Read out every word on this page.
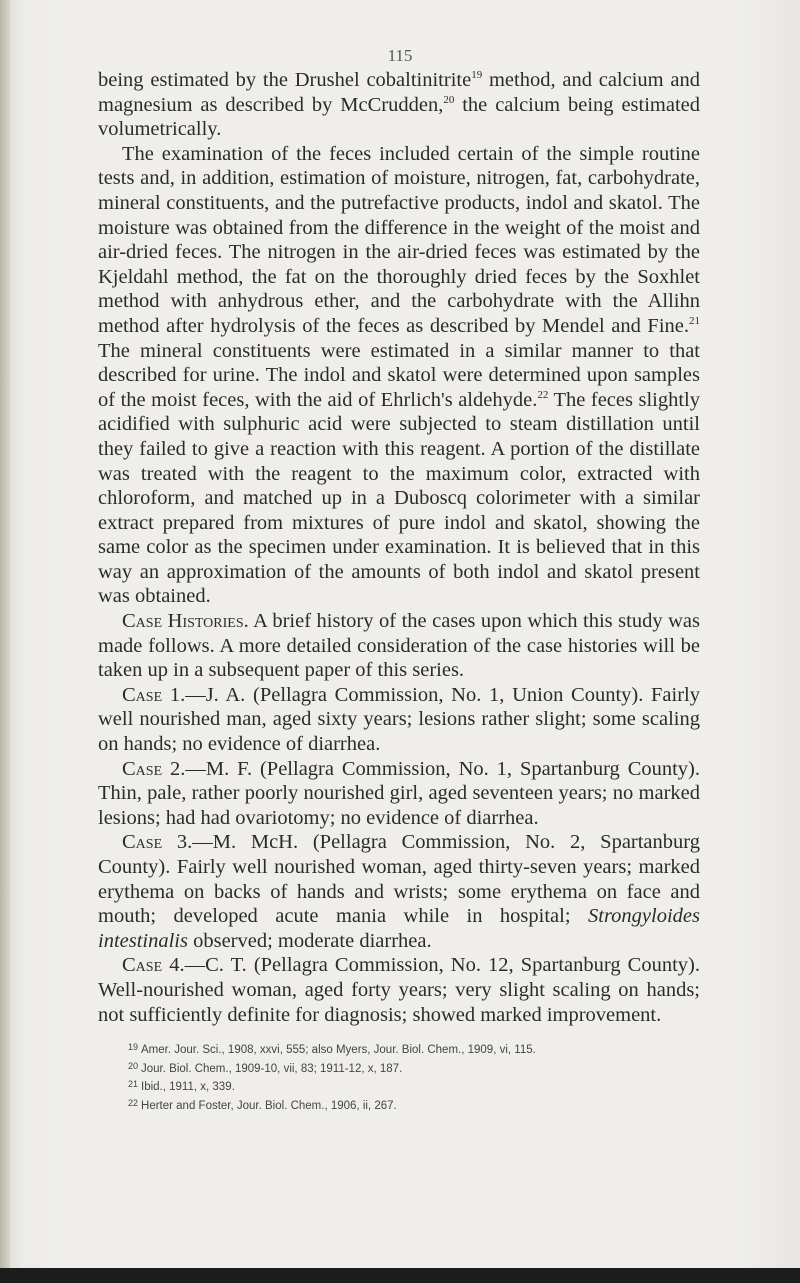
115

being estimated by the Drushel cobaltinitrite$^{19}$ method, and calcium and magnesium as described by McCrudden,$^{20}$ the calcium being estimated volumetrically.

The examination of the feces included certain of the simple routine tests and, in addition, estimation of moisture, nitrogen, fat, carbohydrate, mineral constituents, and the putrefactive products, indol and skatol. The moisture was obtained from the difference in the weight of the moist and air-dried feces. The nitrogen in the air-dried feces was estimated by the Kjeldahl method, the fat on the thoroughly dried feces by the Soxhlet method with anhydrous ether, and the carbohydrate with the Allihn method after hydrolysis of the feces as described by Mendel and Fine.$^{21}$ The mineral constituents were estimated in a similar manner to that described for urine. The indol and skatol were determined upon samples of the moist feces, with the aid of Ehrlich's aldehyde.$^{22}$ The feces slightly acidified with sulphuric acid were subjected to steam distillation until they failed to give a reaction with this reagent. A portion of the distillate was treated with the reagent to the maximum color, extracted with chloroform, and matched up in a Duboscq colorimeter with a similar extract prepared from mixtures of pure indol and skatol, showing the same color as the specimen under examination. It is believed that in this way an approximation of the amounts of both indol and skatol present was obtained.

Case Histories. A brief history of the cases upon which this study was made follows. A more detailed consideration of the case histories will be taken up in a subsequent paper of this series.

Case 1.—J. A. (Pellagra Commission, No. 1, Union County). Fairly well nourished man, aged sixty years; lesions rather slight; some scaling on hands; no evidence of diarrhea.

Case 2.—M. F. (Pellagra Commission, No. 1, Spartanburg County). Thin, pale, rather poorly nourished girl, aged seventeen years; no marked lesions; had had ovariotomy; no evidence of diarrhea.

Case 3.—M. McH. (Pellagra Commission, No. 2, Spartanburg County). Fairly well nourished woman, aged thirty-seven years; marked erythema on backs of hands and wrists; some erythema on face and mouth; developed acute mania while in hospital; Strongyloides intestinalis observed; moderate diarrhea.

Case 4.—C. T. (Pellagra Commission, No. 12, Spartanburg County). Well-nourished woman, aged forty years; very slight scaling on hands; not sufficiently definite for diagnosis; showed marked improvement.

$^{19}$ Amer. Jour. Sci., 1908, xxvi, 555; also Myers, Jour. Biol. Chem., 1909, vi, 115.
$^{20}$ Jour. Biol. Chem., 1909-10, vii, 83; 1911-12, x, 187.
$^{21}$ Ibid., 1911, x, 339.
$^{22}$ Herter and Foster, Jour. Biol. Chem., 1906, ii, 267.
